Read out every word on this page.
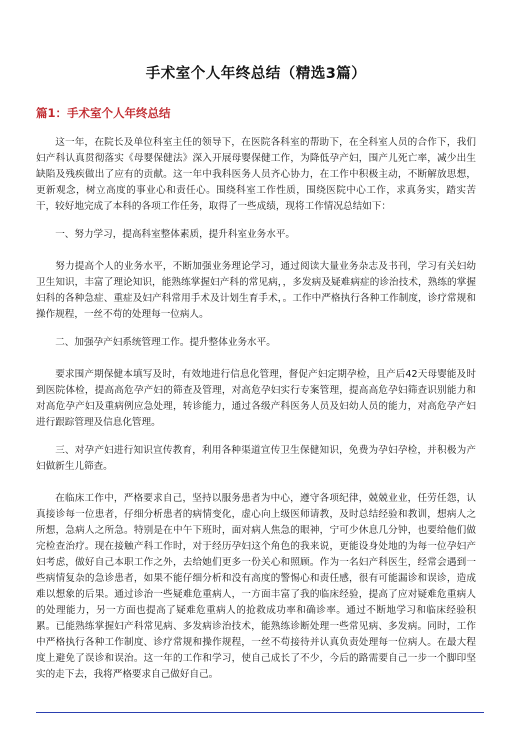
手术室个人年终总结（精选3篇）
篇1：手术室个人年终总结

这一年，在院长及单位科室主任的领导下，在医院各科室的帮助下，在全科室人员的合作下，我们妇产科认真贯彻落实《母婴保健法》深入开展母婴保健工作，为降低孕产妇，围产儿死亡率，减少出生缺陷及残疾做出了应有的贡献。这一年中我科医务人员齐心协力，在工作中积极主动，不断解放思想，更新观念，树立高度的事业心和责任心。围绕科室工作性质，围绕医院中心工作，求真务实，踏实苦干，较好地完成了本科的各项工作任务，取得了一些成绩，现将工作情况总结如下：

一、努力学习，提高科室整体素质，提升科室业务水平。

努力提高个人的业务水平，不断加强业务理论学习，通过阅读大量业务杂志及书刊，学习有关妇幼卫生知识，丰富了理论知识，能熟练掌握妇产科的常见病，，多发病及疑难病症的诊治技术，熟练的掌握妇科的各种急症、重症及妇产科常用手术及计划生育手术，。工作中严格执行各种工作制度，诊疗常规和操作规程，一丝不苟的处理每一位病人。

二、加强孕产妇系统管理工作。提升整体业务水平。

要求围产期保健本填写及时，有效地进行信息化管理，督促产妇定期孕检，且产后42天母婴能及时到医院体检，提高高危孕产妇的筛查及管理，对高危孕妇实行专案管理，提高高危孕妇筛查识别能力和对高危孕产妇及重病例应急处理，转诊能力，通过各级产科医务人员及妇幼人员的能力，对高危孕产妇进行跟踪管理及信息化管理。

三、对孕产妇进行知识宣传教育，利用各种渠道宣传卫生保健知识，免费为孕妇孕检，并积极为产妇做新生儿筛查。

在临床工作中，严格要求自己，坚持以服务患者为中心，遵守各项纪律，兢兢业业，任劳任怨，认真接诊每一位患者，仔细分析患者的病情变化，虚心向上级医师请教，及时总结经验和教训，想病人之所想，急病人之所急。特别是在中午下班时，面对病人焦急的眼神，宁可少休息几分钟，也要给他们做完检查治疗。现在接触产科工作时，对于经历孕妇这个角色的我来说，更能设身处地的为每一位孕妇产妇考虑，做好自己本职工作之外，去给她们更多一份关心和照顾。作为一名妇产科医生，经常会遇到一些病情复杂的急诊患者，如果不能仔细分析和没有高度的警惕心和责任感，很有可能漏诊和误诊，造成难以想象的后果。通过诊治一些疑难危重病人，一方面丰富了我的临床经验，提高了应对疑难危重病人的处理能力，另一方面也提高了疑难危重病人的抢救成功率和确诊率。通过不断地学习和临床经验积累。已能熟练掌握妇产科常见病、多发病诊治技术，能熟练诊断处理一些常见病、多发病。同时，工作中严格执行各种工作制度、诊疗常规和操作规程，一丝不苟接待并认真负责处理每一位病人。在最大程度上避免了误诊和误治。这一年的工作和学习，使自己成长了不少，今后的路需要自己一步一个脚印坚实的走下去，我将严格要求自己做好自己。
